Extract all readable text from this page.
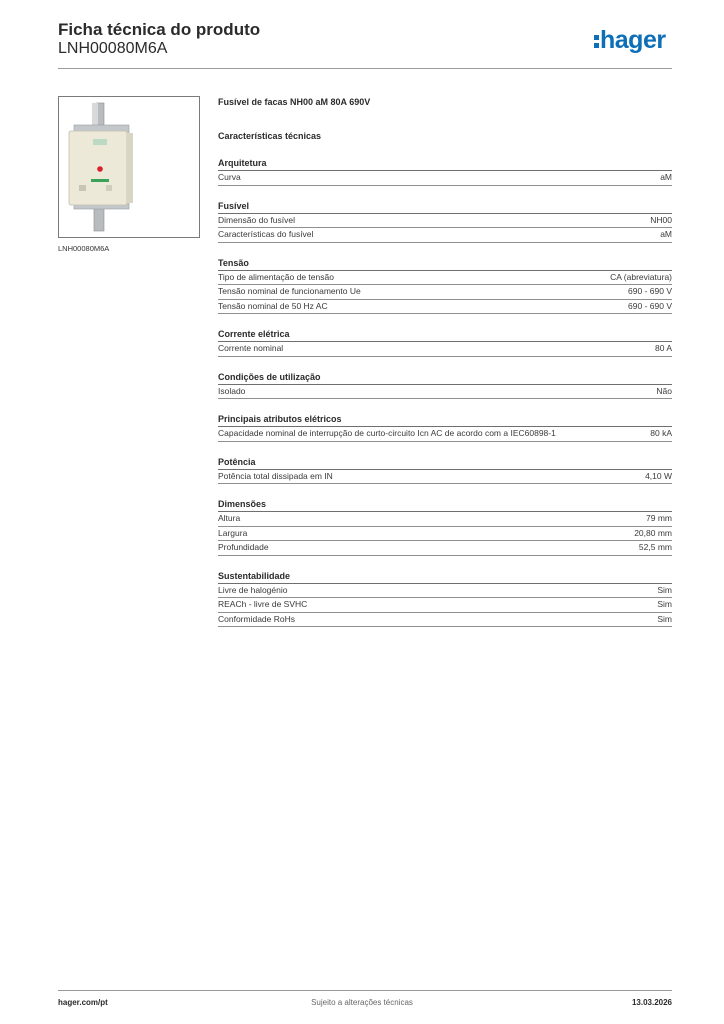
Ficha técnica do produto
LNH00080M6A	hager
LNH00080M6A
Fusível de facas NH00 aM 80A 690V
Características técnicas
Arquitetura
Curva	aM
Fusível
Dimensão do fusível	NH00
Características do fusível	aM
Tensão
Tipo de alimentação de tensão	CA (abreviatura)
Tensão nominal de funcionamento Ue	690 - 690 V
Tensão nominal de 50 Hz AC	690 - 690 V
Corrente elétrica
Corrente nominal	80 A
Condições de utilização
Isolado	Não
Principais atributos elétricos
Capacidade nominal de interrupção de curto-circuito Icn AC de acordo com a IEC60898-1	80 kA
Potência
Potência total dissipada em IN	4,10 W
Dimensões
Altura	79 mm
Largura	20,80 mm
Profundidade	52,5 mm
Sustentabilidade
Livre de halogénio	Sim
REACh - livre de SVHC	Sim
Conformidade RoHs	Sim
hager.com/pt	Sujeito a alterações técnicas	13.03.2026
